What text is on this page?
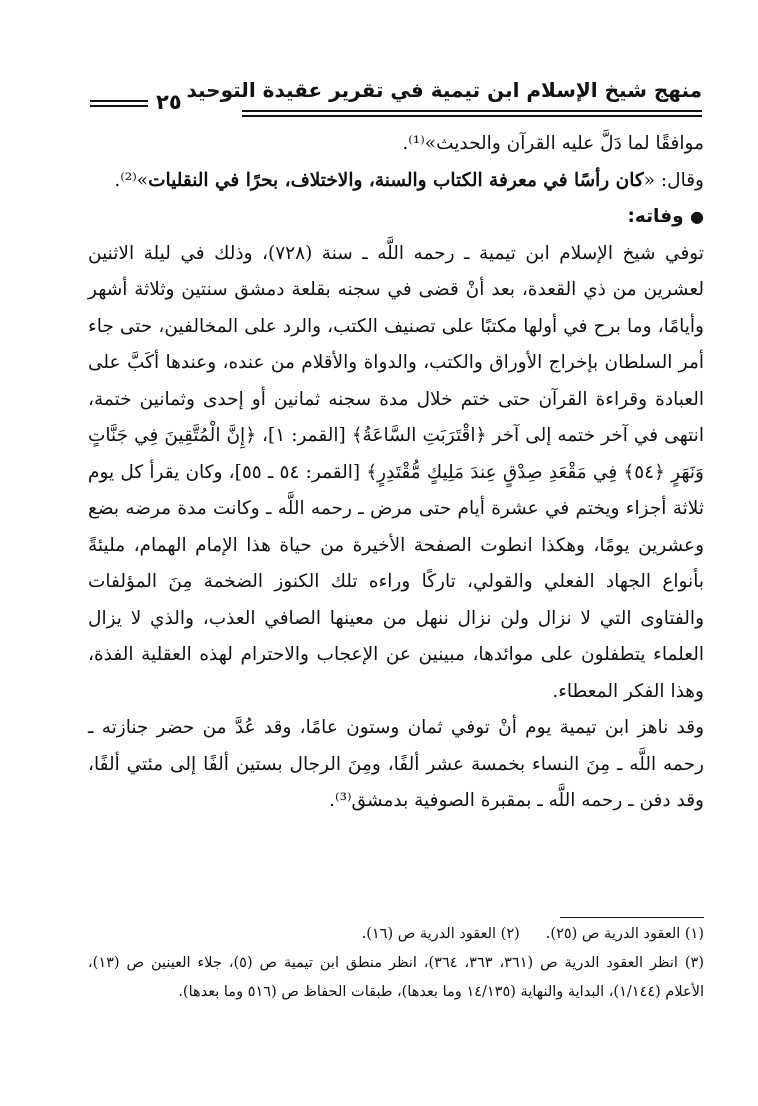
منهج شيخ الإسلام ابن تيمية في تقرير عقيدة التوحيد
٢٥

موافقًا لما دَلَّ عليه القرآن والحديث»⁽¹⁾.

وقال: «كان رأسًا في معرفة الكتاب والسنة، والاختلاف، بحرًا في النقليات»⁽²⁾.

● وفاته:

توفي شيخ الإسلام ابن تيمية ـ رحمه اللَّه ـ سنة (٧٢٨)، وذلك في ليلة الاثنين لعشرين من ذي القعدة، بعد أنْ قضى في سجنه بقلعة دمشق سنتين وثلاثة أشهر وأيامًا، وما برح في أولها مكتبًا على تصنيف الكتب، والرد على المخالفين، حتى جاء أمر السلطان بإخراج الأوراق والكتب، والدواة والأقلام من عنده، وعندها أكَبَّ على العبادة وقراءة القرآن حتى ختم خلال مدة سجنه ثمانين أو إحدى وثمانين ختمة، انتهى في آخر ختمه إلى آخر ﴿اقْتَرَبَتِ السَّاعَةُ﴾ [القمر: ١]، ﴿إِنَّ الْمُتَّقِينَ فِي جَنَّاتٍ وَنَهَرٍ ﴿٥٤﴾ فِي مَقْعَدِ صِدْقٍ عِندَ مَلِيكٍ مُّقْتَدِرٍ﴾ [القمر: ٥٤ ـ ٥٥]، وكان يقرأ كل يوم ثلاثة أجزاء ويختم في عشرة أيام حتى مرض ـ رحمه اللَّه ـ وكانت مدة مرضه بضع وعشرين يومًا، وهكذا انطوت الصفحة الأخيرة من حياة هذا الإمام الهمام، مليئةً بأنواع الجهاد الفعلي والقولي، تاركًا وراءه تلك الكنوز الضخمة مِنَ المؤلفات والفتاوى التي لا نزال ولن نزال ننهل من معينها الصافي العذب، والذي لا يزال العلماء يتطفلون على موائدها، مبينين عن الإعجاب والاحترام لهذه العقلية الفذة، وهذا الفكر المعطاء.

وقد ناهز ابن تيمية يوم أنْ توفي ثمان وستون عامًا، وقد عُدَّ من حضر جنازته ـ رحمه اللَّه ـ مِنَ النساء بخمسة عشر ألفًا، ومِنَ الرجال بستين ألفًا إلى مئتي ألفًا، وقد دفن ـ رحمه اللَّه ـ بمقبرة الصوفية بدمشق⁽³⁾.

(١) العقود الدرية ص (٢٥).
(٢) العقود الدرية ص (١٦).

(٣) انظر العقود الدرية ص (٣٦١، ٣٦٣، ٣٦٤)، انظر منطق ابن تيمية ص (٥)، جلاء العينين ص (١٣)، الأعلام (١/١٤٤)، البداية والنهاية (١٤/١٣٥ وما بعدها)، طبقات الحفاظ ص (٥١٦ وما بعدها).
